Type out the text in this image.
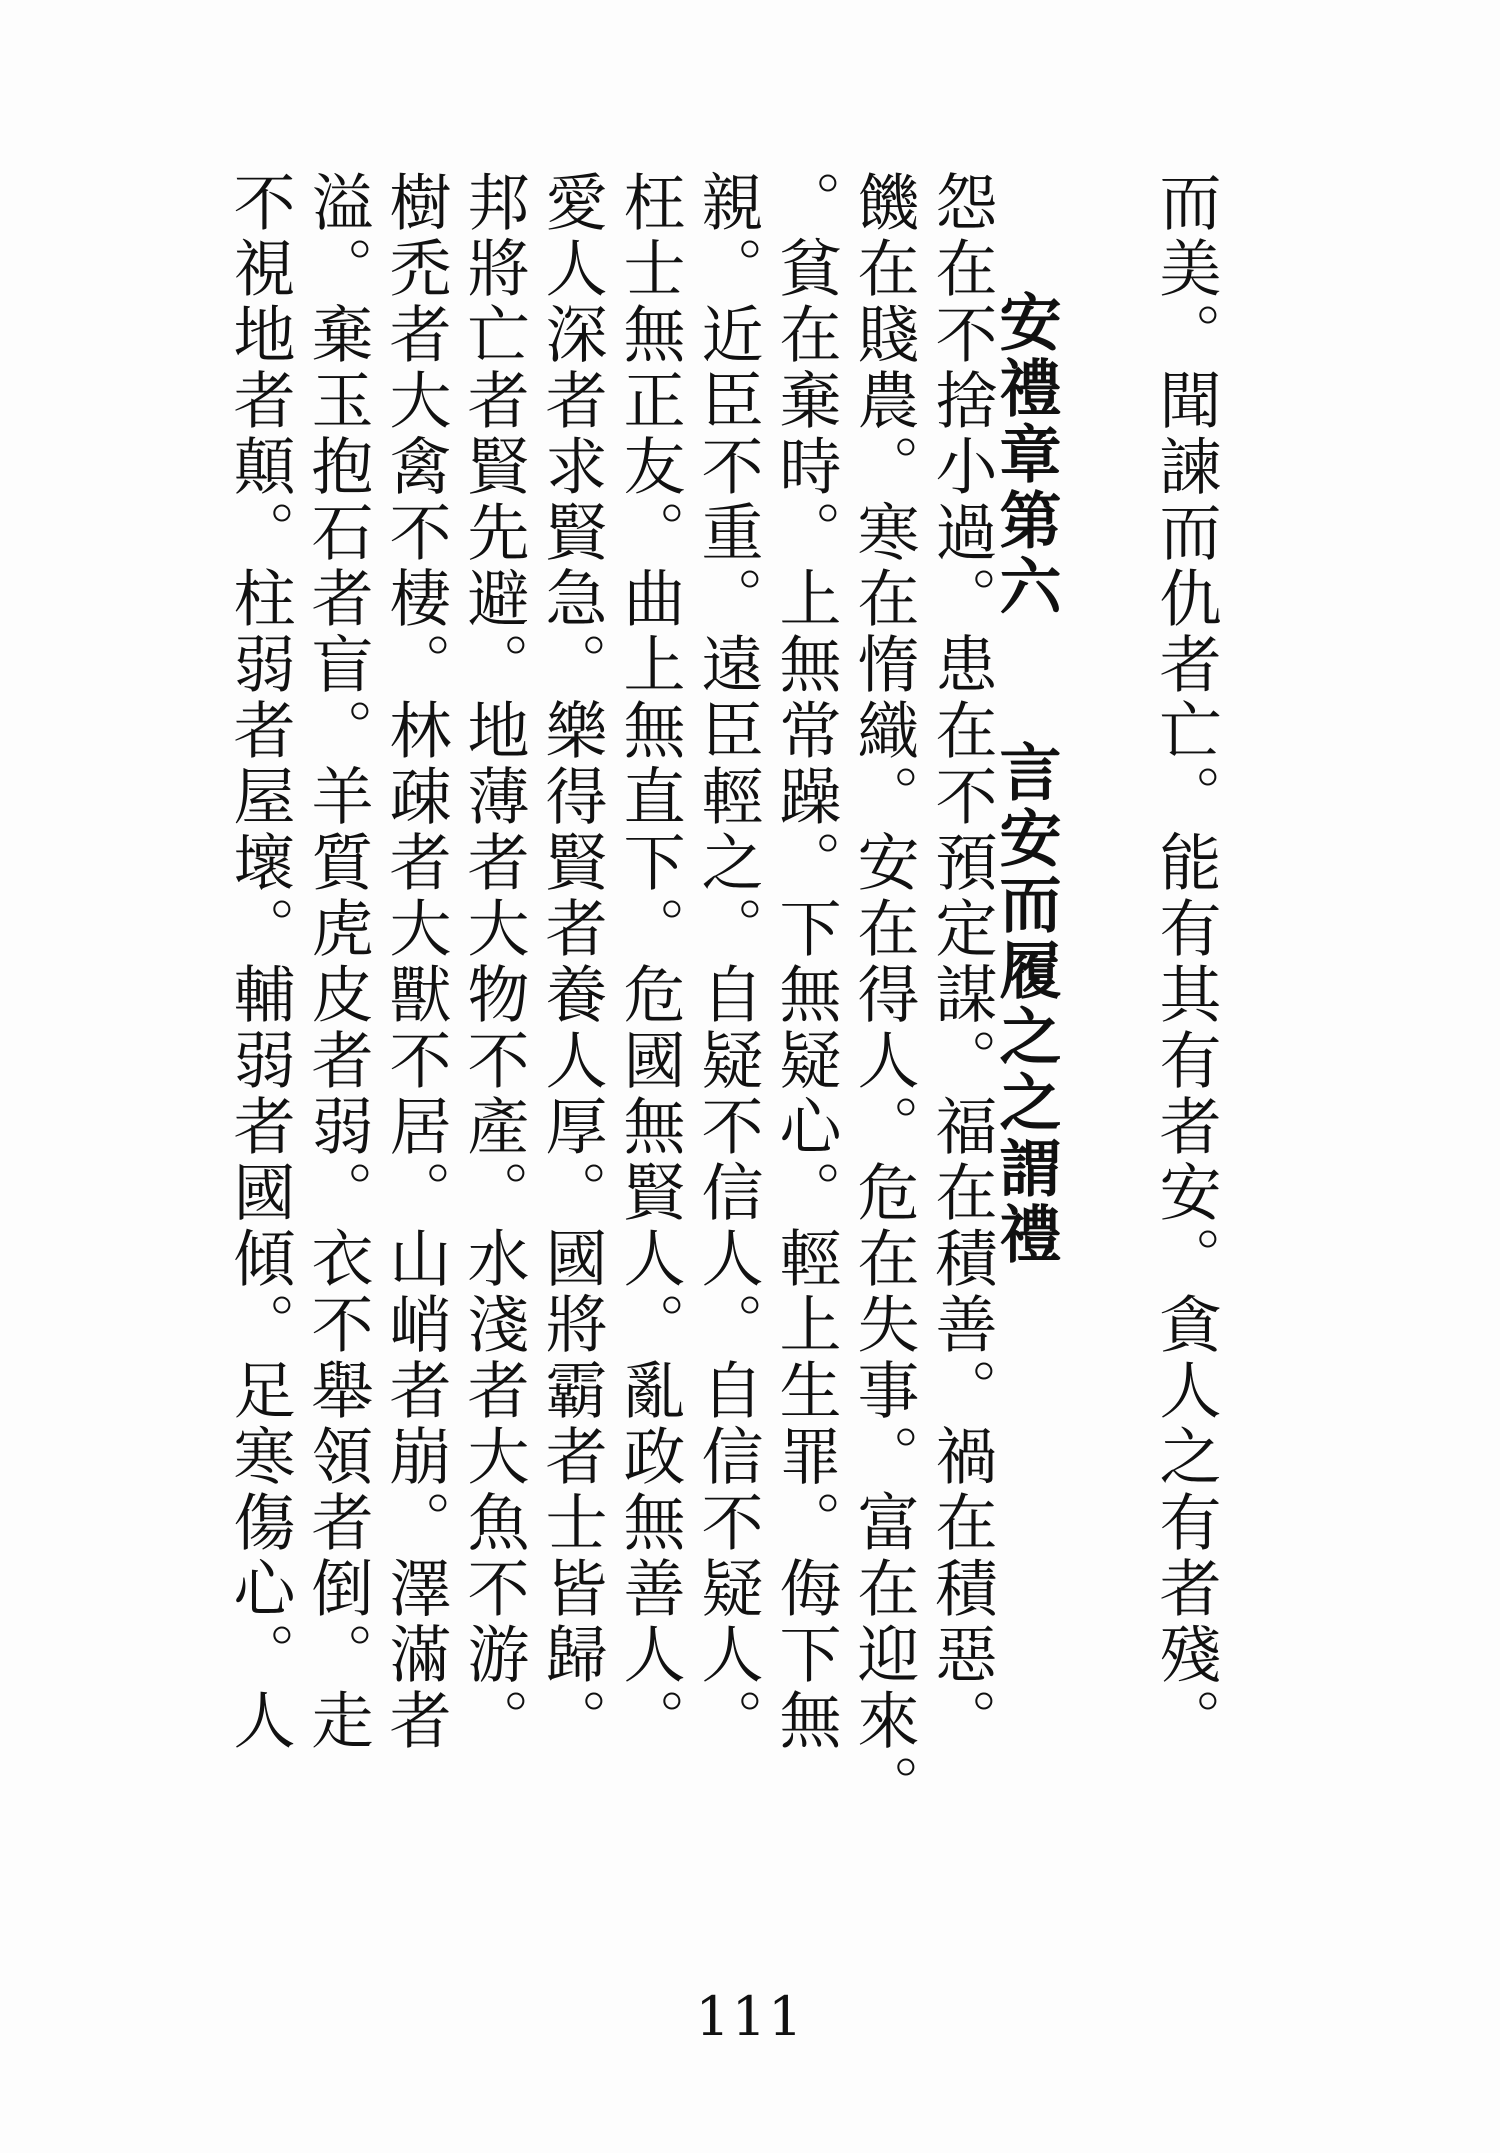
而美。聞諫而仇者亡。能有其有者安。貪人之有者殘。
安禮章第六
言安而履之之謂禮
怨在不捨小過。患在不預定謀。福在積善。禍在積惡。
饑在賤農。寒在惰織。安在得人。危在失事。富在迎來。
。貧在棄時。上無常躁。下無疑心。輕上生罪。侮下無
親。近臣不重。遠臣輕之。自疑不信人。自信不疑人。
枉士無正友。曲上無直下。危國無賢人。亂政無善人。
愛人深者求賢急。樂得賢者養人厚。國將霸者士皆歸。
邦將亡者賢先避。地薄者大物不產。水淺者大魚不游。
樹禿者大禽不棲。林疎者大獸不居。山峭者崩。澤滿者
溢。棄玉抱石者盲。羊質虎皮者弱。衣不舉領者倒。走
不視地者顛。柱弱者屋壞。輔弱者國傾。足寒傷心。人
111
